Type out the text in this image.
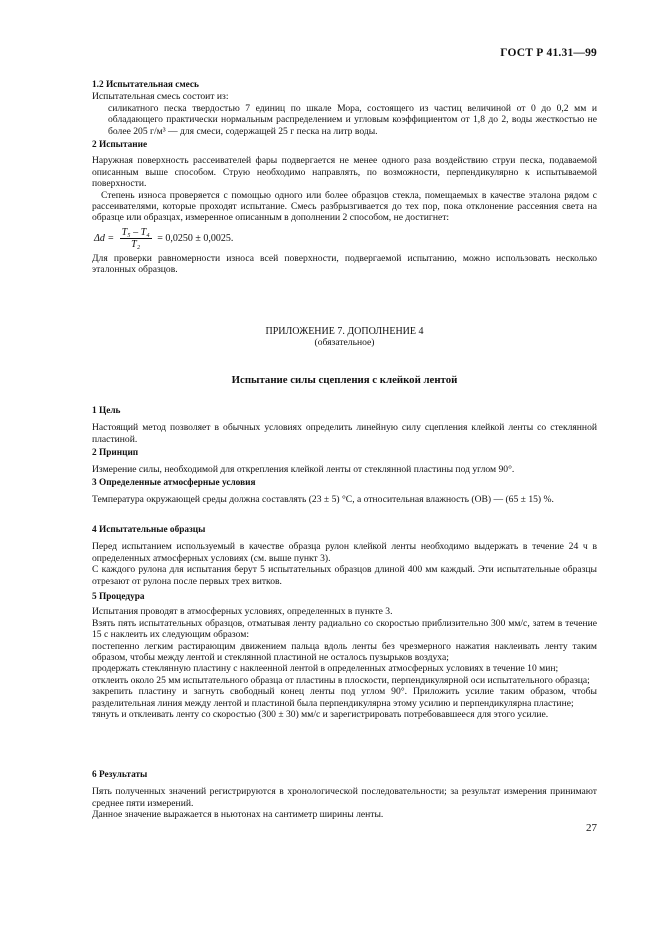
ГОСТ Р 41.31—99

1.2 Испытательная смесь

Испытательная смесь состоит из:

силикатного песка твердостью 7 единиц по шкале Мора, состоящего из частиц величиной от 0 до 0,2 мм и обладающего практически нормальным распределением и угловым коэффициентом от 1,8 до 2, воды жесткостью не более 205 г/м³ — для смеси, содержащей 25 г песка на литр воды.

2 Испытание

Наружная поверхность рассеивателей фары подвергается не менее одного раза воздействию струи песка, подаваемой описанным выше способом. Струю необходимо направлять, по возможности, перпендикулярно к испытываемой поверхности.

Степень износа проверяется с помощью одного или более образцов стекла, помещаемых в качестве эталона рядом с рассеивателями, которые проходят испытание. Смесь разбрызгивается до тех пор, пока отклонение рассеяния света на образце или образцах, измеренное описанным в дополнении 2 способом, не достигнет:

$\Delta d = \frac{\text{T₅ – T₄}}{\text{T₂}} = 0,0250 \pm 0,0025$.

Для проверки равномерности износа всей поверхности, подвергаемой испытанию, можно использовать несколько эталонных образцов.

ПРИЛОЖЕНИЕ 7. ДОПОЛНЕНИЕ 4

(обязательное)

Испытание силы сцепления с клейкой лентой

1 Цель

Настоящий метод позволяет в обычных условиях определить линейную силу сцепления клейкой ленты со стеклянной пластиной.

2 Принцип

Измерение силы, необходимой для открепления клейкой ленты от стеклянной пластины под углом 90°.

3 Определенные атмосферные условия

Температура окружающей среды должна составлять (23 ± 5) °С, а относительная влажность (ОВ) — (65 ± 15) %.

4 Испытательные образцы

Перед испытанием используемый в качестве образца рулон клейкой ленты необходимо выдержать в течение 24 ч в определенных атмосферных условиях (см. выше пункт 3).

С каждого рулона для испытания берут 5 испытательных образцов длиной 400 мм каждый. Эти испытательные образцы отрезают от рулона после первых трех витков.

5 Процедура

Испытания проводят в атмосферных условиях, определенных в пункте 3.

Взять пять испытательных образцов, отматывая ленту радиально со скоростью приблизительно 300 мм/с, затем в течение 15 с наклеить их следующим образом:

постепенно легким растирающим движением пальца вдоль ленты без чрезмерного нажатия наклеивать ленту таким образом, чтобы между лентой и стеклянной пластиной не осталось пузырьков воздуха;

продержать стеклянную пластину с наклеенной лентой в определенных атмосферных условиях в течение 10 мин;

отклеить около 25 мм испытательного образца от пластины в плоскости, перпендикулярной оси испытательного образца;

закрепить пластину и загнуть свободный конец ленты под углом 90°. Приложить усилие таким образом, чтобы разделительная линия между лентой и пластиной была перпендикулярна этому усилию и перпендикулярна пластине;

тянуть и отклеивать ленту со скоростью (300 ± 30) мм/с и зарегистрировать потребовавшееся для этого усилие.

6 Результаты

Пять полученных значений регистрируются в хронологической последовательности; за результат измерения принимают среднее пяти измерений.

Данное значение выражается в ньютонах на сантиметр ширины ленты.

27
